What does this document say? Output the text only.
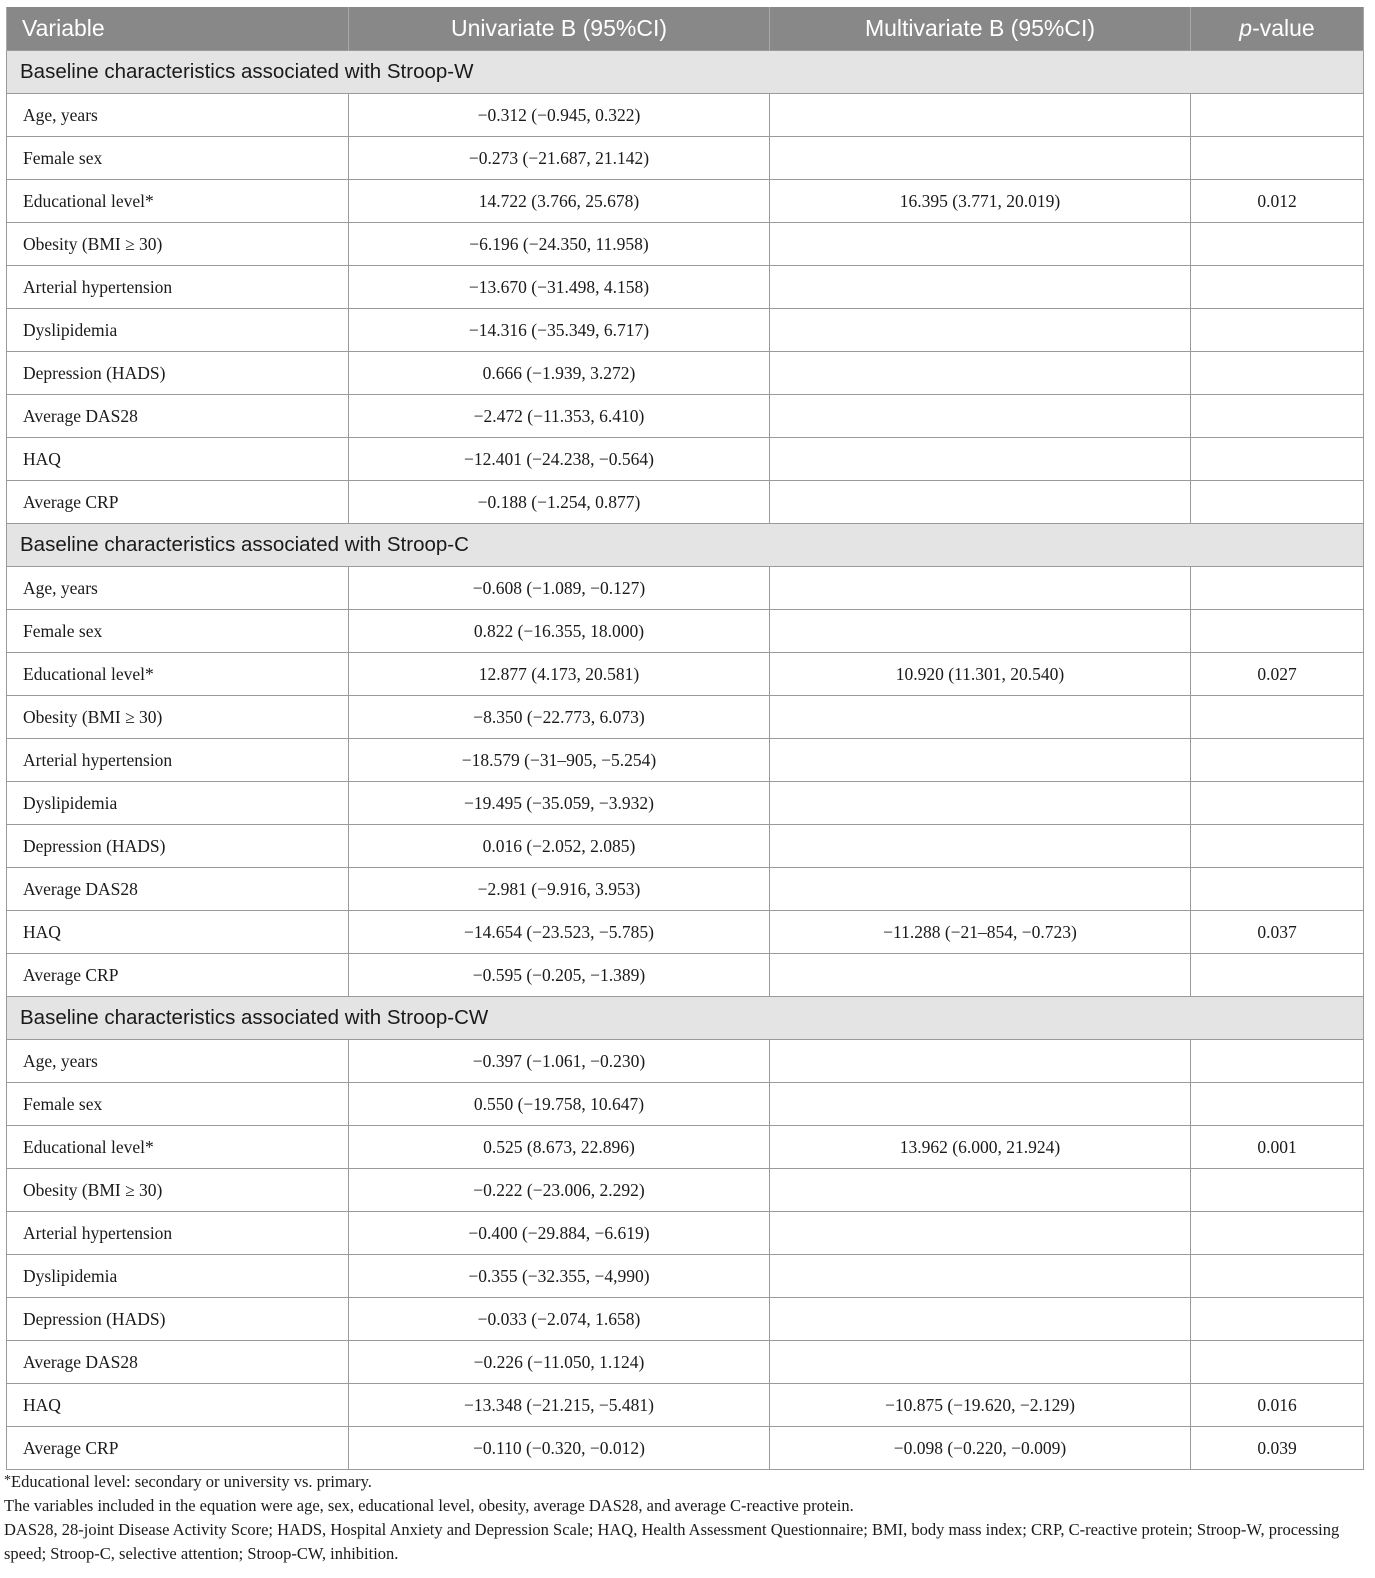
Variable	Univariate B (95%CI)	Multivariate B (95%CI)	p-value
Baseline characteristics associated with Stroop-W			
Age, years	−0.312 (−0.945, 0.322)		
Female sex	−0.273 (−21.687, 21.142)		
Educational level*	14.722 (3.766, 25.678)	16.395 (3.771, 20.019)	0.012
Obesity (BMI ≥ 30)	−6.196 (−24.350, 11.958)		
Arterial hypertension	−13.670 (−31.498, 4.158)		
Dyslipidemia	−14.316 (−35.349, 6.717)		
Depression (HADS)	0.666 (−1.939, 3.272)		
Average DAS28	−2.472 (−11.353, 6.410)		
HAQ	−12.401 (−24.238, −0.564)		
Average CRP	−0.188 (−1.254, 0.877)		
Baseline characteristics associated with Stroop-C			
Age, years	−0.608 (−1.089, −0.127)		
Female sex	0.822 (−16.355, 18.000)		
Educational level*	12.877 (4.173, 20.581)	10.920 (11.301, 20.540)	0.027
Obesity (BMI ≥ 30)	−8.350 (−22.773, 6.073)		
Arterial hypertension	−18.579 (−31–905, −5.254)		
Dyslipidemia	−19.495 (−35.059, −3.932)		
Depression (HADS)	0.016 (−2.052, 2.085)		
Average DAS28	−2.981 (−9.916, 3.953)		
HAQ	−14.654 (−23.523, −5.785)	−11.288 (−21–854, −0.723)	0.037
Average CRP	−0.595 (−0.205, −1.389)		
Baseline characteristics associated with Stroop-CW			
Age, years	−0.397 (−1.061, −0.230)		
Female sex	0.550 (−19.758, 10.647)		
Educational level*	0.525 (8.673, 22.896)	13.962 (6.000, 21.924)	0.001
Obesity (BMI ≥ 30)	−0.222 (−23.006, 2.292)		
Arterial hypertension	−0.400 (−29.884, −6.619)		
Dyslipidemia	−0.355 (−32.355, −4,990)		
Depression (HADS)	−0.033 (−2.074, 1.658)		
Average DAS28	−0.226 (−11.050, 1.124)		
HAQ	−13.348 (−21.215, −5.481)	−10.875 (−19.620, −2.129)	0.016
Average CRP	−0.110 (−0.320, −0.012)	−0.098 (−0.220, −0.009)	0.039

*Educational level: secondary or university vs. primary.

The variables included in the equation were age, sex, educational level, obesity, average DAS28, and average C-reactive protein.

DAS28, 28-joint Disease Activity Score; HADS, Hospital Anxiety and Depression Scale; HAQ, Health Assessment Questionnaire; BMI, body mass index; CRP, C-reactive protein; Stroop-W, processing speed; Stroop-C, selective attention; Stroop-CW, inhibition.
